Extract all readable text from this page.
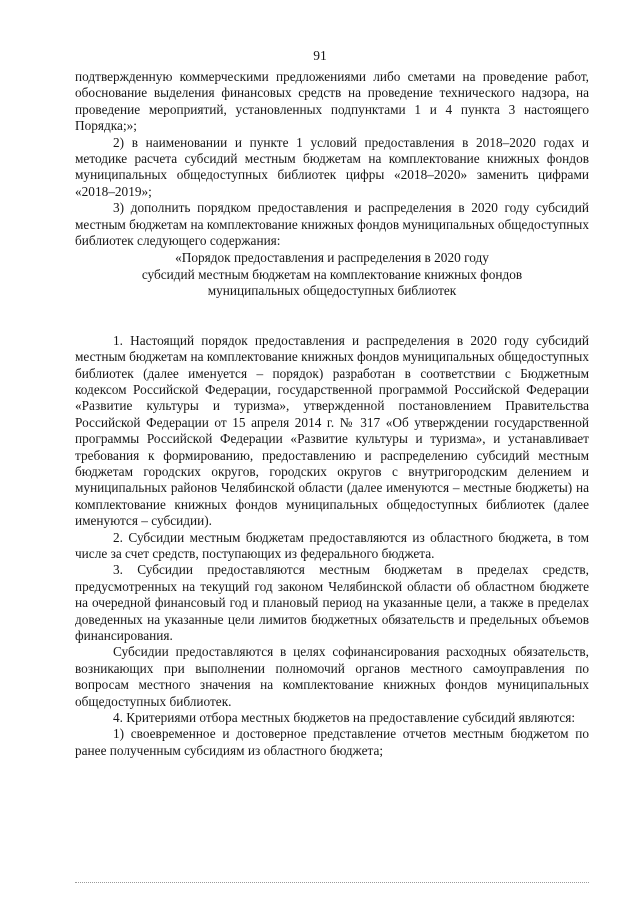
91

подтвержденную коммерческими предложениями либо сметами на проведение работ, обоснование выделения финансовых средств на проведение технического надзора, на проведение мероприятий, установленных подпунктами 1 и 4 пункта 3 настоящего Порядка;»;

2) в наименовании и пункте 1 условий предоставления в 2018–2020 годах и методике расчета субсидий местным бюджетам на комплектование книжных фондов муниципальных общедоступных библиотек цифры «2018–2020» заменить цифрами «2018–2019»;

3) дополнить порядком предоставления и распределения в 2020 году субсидий местным бюджетам на комплектование книжных фондов муниципальных общедоступных библиотек следующего содержания:

«Порядок предоставления и распределения в 2020 году

субсидий местным бюджетам на комплектование книжных фондов

муниципальных общедоступных библиотек

1. Настоящий порядок предоставления и распределения в 2020 году субсидий местным бюджетам на комплектование книжных фондов муниципальных общедоступных библиотек (далее именуется – порядок) разработан в соответствии с Бюджетным кодексом Российской Федерации, государственной программой Российской Федерации «Развитие культуры и туризма», утвержденной постановлением Правительства Российской Федерации от 15 апреля 2014 г. № 317 «Об утверждении государственной программы Российской Федерации «Развитие культуры и туризма», и устанавливает требования к формированию, предоставлению и распределению субсидий местным бюджетам городских округов, городских округов с внутригородским делением и муниципальных районов Челябинской области (далее именуются – местные бюджеты) на комплектование книжных фондов муниципальных общедоступных библиотек (далее именуются – субсидии).

2. Субсидии местным бюджетам предоставляются из областного бюджета, в том числе за счет средств, поступающих из федерального бюджета.

3. Субсидии предоставляются местным бюджетам в пределах средств, предусмотренных на текущий год законом Челябинской области об областном бюджете на очередной финансовый год и плановый период на указанные цели, а также в пределах доведенных на указанные цели лимитов бюджетных обязательств и предельных объемов финансирования.

Субсидии предоставляются в целях софинансирования расходных обязательств, возникающих при выполнении полномочий органов местного самоуправления по вопросам местного значения на комплектование книжных фондов муниципальных общедоступных библиотек.

4. Критериями отбора местных бюджетов на предоставление субсидий являются:

1) своевременное и достоверное представление отчетов местным бюджетом по ранее полученным субсидиям из областного бюджета;
